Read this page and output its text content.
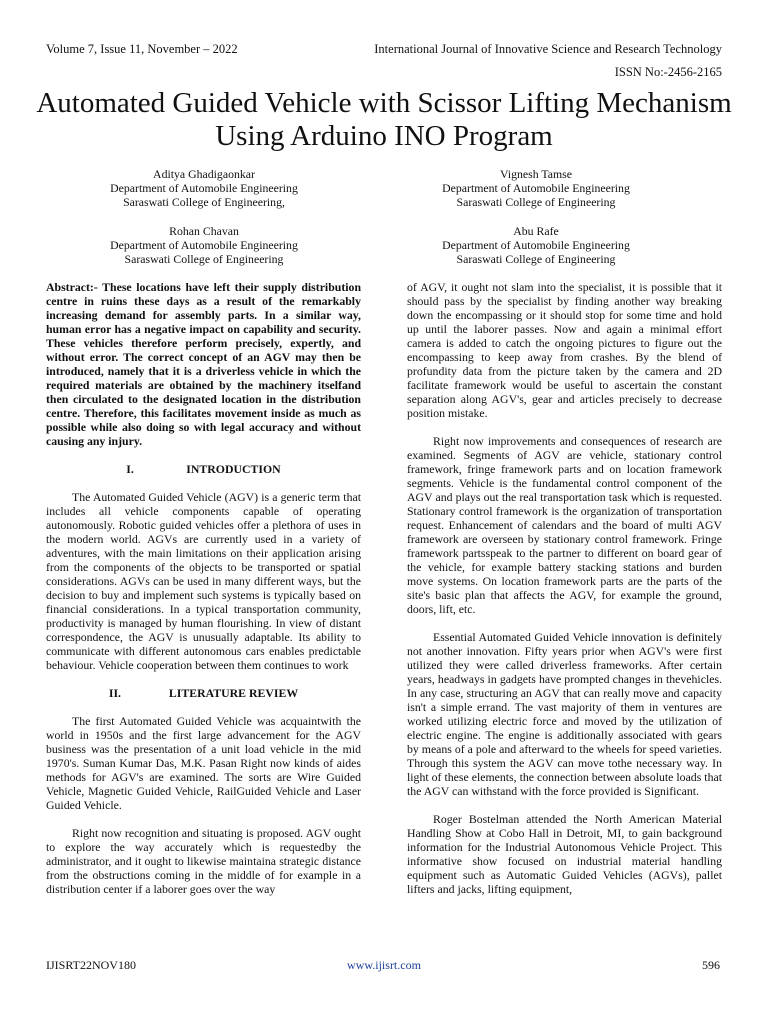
Volume 7, Issue 11, November – 2022	International Journal of Innovative Science and Research Technology
ISSN No:-2456-2165
Automated Guided Vehicle with Scissor Lifting Mechanism Using Arduino INO Program
Aditya Ghadigaonkar
Department of Automobile Engineering
Saraswati College of Engineering,
Vignesh Tamse
Department of Automobile Engineering
Saraswati College of Engineering
Rohan Chavan
Department of Automobile Engineering
Saraswati College of Engineering
Abu Rafe
Department of Automobile Engineering
Saraswati College of Engineering

Abstract:- These locations have left their supply distribution centre in ruins these days as a result of the remarkably increasing demand for assembly parts. In a similar way, human error has a negative impact on capability and security. These vehicles therefore perform precisely, expertly, and without error. The correct concept of an AGV may then be introduced, namely that it is a driverless vehicle in which the required materials are obtained by the machinery itselfand then circulated to the designated location in the distribution centre. Therefore, this facilitates movement inside as much as possible while also doing so with legal accuracy and without causing any injury.

I.	INTRODUCTION

The Automated Guided Vehicle (AGV) is a generic term that includes all vehicle components capable of operating autonomously. Robotic guided vehicles offer a plethora of uses in the modern world. AGVs are currently used in a variety of adventures, with the main limitations on their application arising from the components of the objects to be transported or spatial considerations. AGVs can be used in many different ways, but the decision to buy and implement such systems is typically based on financial considerations. In a typical transportation community, productivity is managed by human flourishing. In view of distant correspondence, the AGV is unusually adaptable. Its ability to communicate with different autonomous cars enables predictable behaviour. Vehicle cooperation between them continues to work

II.	LITERATURE REVIEW

The first Automated Guided Vehicle was acquaintwith the world in 1950s and the first large advancement for the AGV business was the presentation of a unit load vehicle in the mid 1970's. Suman Kumar Das, M.K. Pasan Right now kinds of aides methods for AGV's are examined. The sorts are Wire Guided Vehicle, Magnetic Guided Vehicle, RailGuided Vehicle and Laser Guided Vehicle.

Right now recognition and situating is proposed. AGV ought to explore the way accurately which is requestedby the administrator, and it ought to likewise maintaina strategic distance from the obstructions coming in the middle of for example in a distribution center if a laborer goes over the way

of AGV, it ought not slam into the specialist, it is possible that it should pass by the specialist by finding another way breaking down the encompassing or it should stop for some time and hold up until the laborer passes. Now and again a minimal effort camera is added to catch the ongoing pictures to figure out the encompassing to keep away from crashes. By the blend of profundity data from the picture taken by the camera and 2D facilitate framework would be useful to ascertain the constant separation along AGV's, gear and articles precisely to decrease position mistake.

Right now improvements and consequences of research are examined. Segments of AGV are vehicle, stationary control framework, fringe framework parts and on location framework segments. Vehicle is the fundamental control component of the AGV and plays out the real transportation task which is requested. Stationary control framework is the organization of transportation request. Enhancement of calendars and the board of multi AGV framework are overseen by stationary control framework. Fringe framework partsspeak to the partner to different on board gear of the vehicle, for example battery stacking stations and burden move systems. On location framework parts are the parts of the site's basic plan that affects the AGV, for example the ground, doors, lift, etc.

Essential Automated Guided Vehicle innovation is definitely not another innovation. Fifty years prior when AGV's were first utilized they were called driverless frameworks. After certain years, headways in gadgets have prompted changes in thevehicles. In any case, structuring an AGV that can really move and capacity isn't a simple errand. The vast majority of them in ventures are worked utilizing electric force and moved by the utilization of electric engine. The engine is additionally associated with gears by means of a pole and afterward to the wheels for speed varieties. Through this system the AGV can move tothe necessary way. In light of these elements, the connection between absolute loads that the AGV can withstand with the force provided is Significant.

Roger Bostelman attended the North American Material Handling Show at Cobo Hall in Detroit, MI, to gain background information for the Industrial Autonomous Vehicle Project. This informative show focused on industrial material handling equipment such as Automatic Guided Vehicles (AGVs), pallet lifters and jacks, lifting equipment,

IJISRT22NOV180	www.ijisrt.com	596
